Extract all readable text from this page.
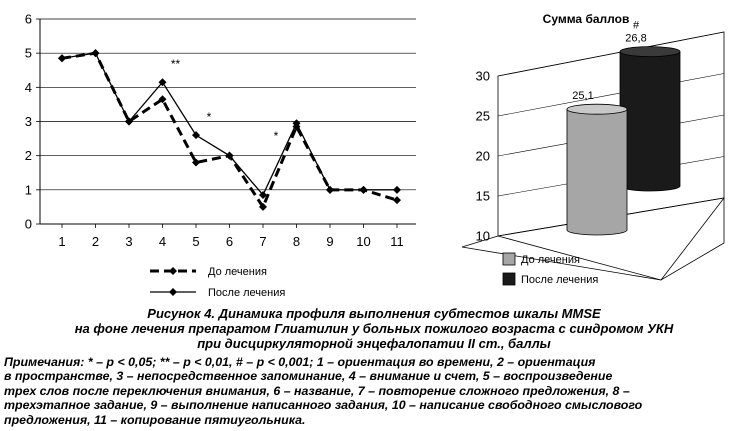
0
1
2
3
4
5
6
1 2 3 4 5 6 7 8 9 10 11
**
*
*
До лечения
После лечения
10
15
20
25
30
Сумма баллов
26,8
#
25,1
До лечения
После лечения
Рисунок 4. Динамика профиля выполнения субтестов шкалы MMSE
на фоне лечения препаратом Глиатилин у больных пожилого возраста с синдромом УКН
при дисциркуляторной энцефалопатии II ст., баллы
Примечания: * – p < 0,05; ** – p < 0,01, # – p < 0,001; 1 – ориентация во времени, 2 – ориентация
в пространстве, 3 – непосредственное запоминание, 4 – внимание и счет, 5 – воспроизведение
трех слов после переключения внимания, 6 – название, 7 – повторение сложного предложения, 8 –
трехэтапное задание, 9 – выполнение написанного задания, 10 – написание свободного смыслового
предложения, 11 – копирование пятиугольника.
